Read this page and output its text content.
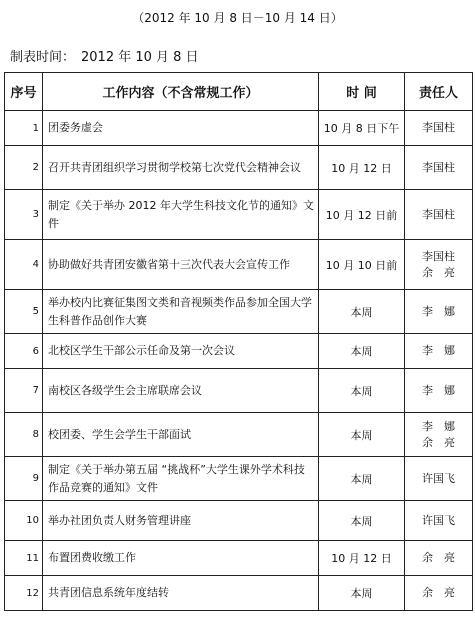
（2012 年 10 月 8 日－10 月 14 日）
制表时间： 2012 年 10 月 8 日
序号	工作内容（不含常规工作）	时 间	责任人
1	团委务虚会	10 月 8 日下午	李国柱

2	召开共青团组织学习贯彻学校第七次党代会精神会议	10 月 12 日	李国柱

3	制定《关于举办 2012 年大学生科技文化节的通知》文件	10 月 12 日前	李国柱

4	协助做好共青团安徽省第十三次代表大会宣传工作	10 月 10 日前	李国柱
余　亮

5	举办校内比赛征集图文类和音视频类作品参加全国大学生科普作品创作大赛	本周	李　娜

6	北校区学生干部公示任命及第一次会议	本周	李　娜

7	南校区各级学生会主席联席会议	本周	李　娜

8	校团委、学生会学生干部面试	本周	李　娜
余　亮

9	制定《关于举办第五届 “挑战杯”大学生课外学术科技作品竞赛的通知》文件	本周	许国飞

10	举办社团负责人财务管理讲座	本周	许国飞

11	布置团费收缴工作	10 月 12 日	余　亮

12	共青团信息系统年度结转	本周	余　亮
